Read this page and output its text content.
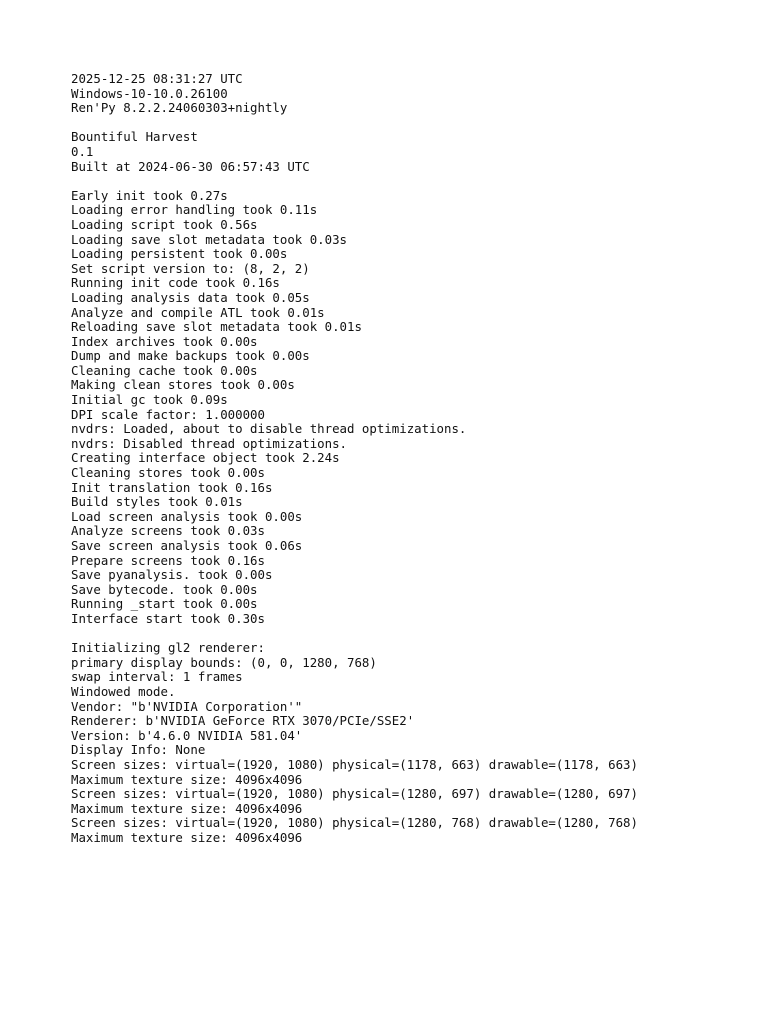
2025-12-25 08:31:27 UTC
Windows-10-10.0.26100
Ren'Py 8.2.2.24060303+nightly
Bountiful Harvest
0.1
Built at 2024-06-30 06:57:43 UTC
Early init took 0.27s
Loading error handling took 0.11s
Loading script took 0.56s
Loading save slot metadata took 0.03s
Loading persistent took 0.00s
Set script version to: (8, 2, 2)
Running init code took 0.16s
Loading analysis data took 0.05s
Analyze and compile ATL took 0.01s
Reloading save slot metadata took 0.01s
Index archives took 0.00s
Dump and make backups took 0.00s
Cleaning cache took 0.00s
Making clean stores took 0.00s
Initial gc took 0.09s
DPI scale factor: 1.000000
nvdrs: Loaded, about to disable thread optimizations.
nvdrs: Disabled thread optimizations.
Creating interface object took 2.24s
Cleaning stores took 0.00s
Init translation took 0.16s
Build styles took 0.01s
Load screen analysis took 0.00s
Analyze screens took 0.03s
Save screen analysis took 0.06s
Prepare screens took 0.16s
Save pyanalysis. took 0.00s
Save bytecode. took 0.00s
Running _start took 0.00s
Interface start took 0.30s
Initializing gl2 renderer:
primary display bounds: (0, 0, 1280, 768)
swap interval: 1 frames
Windowed mode.
Vendor: "b'NVIDIA Corporation'"
Renderer: b'NVIDIA GeForce RTX 3070/PCIe/SSE2'
Version: b'4.6.0 NVIDIA 581.04'
Display Info: None
Screen sizes: virtual=(1920, 1080) physical=(1178, 663) drawable=(1178, 663)
Maximum texture size: 4096x4096
Screen sizes: virtual=(1920, 1080) physical=(1280, 697) drawable=(1280, 697)
Maximum texture size: 4096x4096
Screen sizes: virtual=(1920, 1080) physical=(1280, 768) drawable=(1280, 768)
Maximum texture size: 4096x4096
